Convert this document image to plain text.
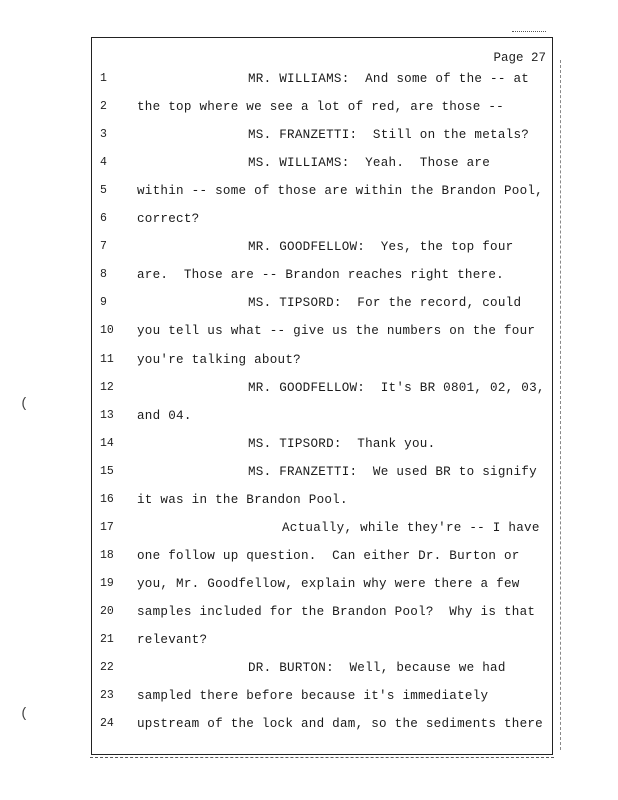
Page 27
(
(
1	MR. WILLIAMS:  And some of the -- at
2	the top where we see a lot of red, are those --
3	MS. FRANZETTI:  Still on the metals?
4	MS. WILLIAMS:  Yeah.  Those are
5	within -- some of those are within the Brandon Pool,
6	correct?
7	MR. GOODFELLOW:  Yes, the top four
8	are.  Those are -- Brandon reaches right there.
9	MS. TIPSORD:  For the record, could
10	you tell us what -- give us the numbers on the four
11	you're talking about?
12	MR. GOODFELLOW:  It's BR 0801, 02, 03,
13	and 04.
14	MS. TIPSORD:  Thank you.
15	MS. FRANZETTI:  We used BR to signify
16	it was in the Brandon Pool.
17	Actually, while they're -- I have
18	one follow up question.  Can either Dr. Burton or
19	you, Mr. Goodfellow, explain why were there a few
20	samples included for the Brandon Pool?  Why is that
21	relevant?
22	DR. BURTON:  Well, because we had
23	sampled there before because it's immediately
24	upstream of the lock and dam, so the sediments there
